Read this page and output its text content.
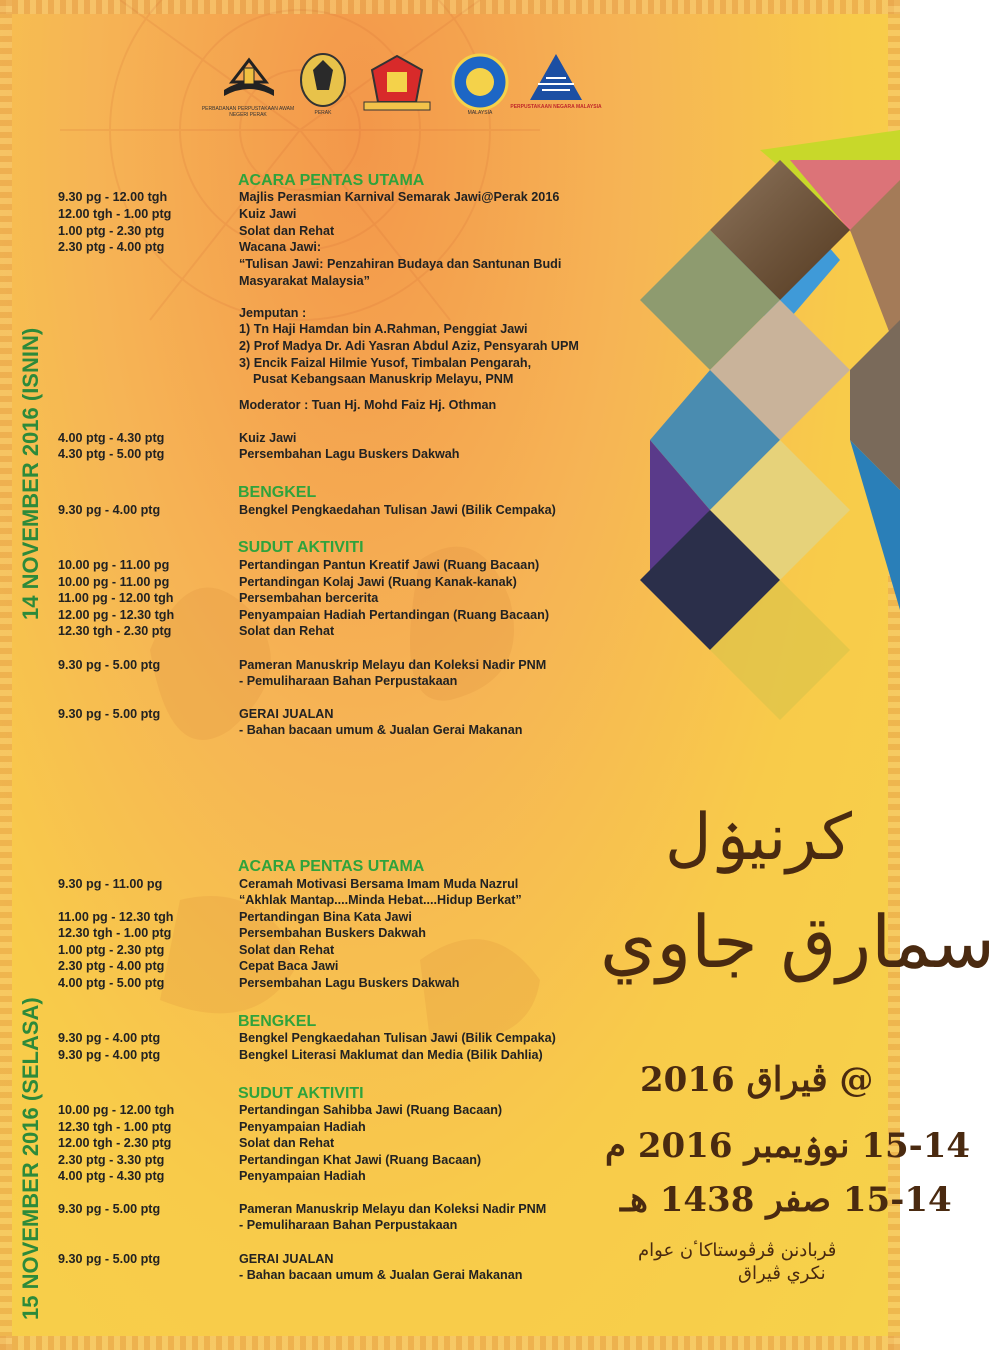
PERBADANAN PERPUSTAKAAN AWAM NEGERI PERAK	PERAK	MALAYSIA
PERPUSTAKAAN NEGARA MALAYSIA
14 NOVEMBER 2016 (ISNIN)
15 NOVEMBER 2016 (SELASA)
ACARA PENTAS UTAMA
9.30 pg - 12.00 tgh	Majlis Perasmian Karnival Semarak Jawi@Perak 2016
12.00 tgh - 1.00 ptg	Kuiz Jawi
1.00 ptg - 2.30 ptg	Solat dan Rehat
2.30 ptg - 4.00 ptg	Wacana Jawi:
“Tulisan Jawi: Penzahiran Budaya dan Santunan Budi
Masyarakat Malaysia”
Jemputan :
1) Tn Haji Hamdan bin A.Rahman, Penggiat Jawi
2) Prof Madya Dr. Adi Yasran Abdul Aziz, Pensyarah UPM
3) Encik Faizal Hilmie Yusof, Timbalan Pengarah,
Pusat Kebangsaan Manuskrip Melayu, PNM
Moderator : Tuan Hj. Mohd Faiz Hj. Othman
4.00 ptg - 4.30 ptg	Kuiz Jawi
4.30 ptg - 5.00 ptg	Persembahan Lagu Buskers Dakwah
BENGKEL
9.30 pg - 4.00 ptg	Bengkel Pengkaedahan Tulisan Jawi (Bilik Cempaka)
SUDUT AKTIVITI
10.00 pg - 11.00 pg	Pertandingan Pantun Kreatif Jawi (Ruang Bacaan)
10.00 pg - 11.00 pg	Pertandingan Kolaj Jawi (Ruang Kanak-kanak)
11.00 pg - 12.00 tgh	Persembahan bercerita
12.00 pg - 12.30 tgh	Penyampaian Hadiah Pertandingan (Ruang Bacaan)
12.30 tgh - 2.30 ptg	Solat dan Rehat
9.30 pg - 5.00 ptg	Pameran Manuskrip Melayu dan Koleksi Nadir PNM
- Pemuliharaan Bahan Perpustakaan
9.30 pg - 5.00 ptg	GERAI JUALAN
- Bahan bacaan umum & Jualan Gerai Makanan
ACARA PENTAS UTAMA
9.30 pg - 11.00 pg	Ceramah Motivasi Bersama Imam Muda Nazrul
“Akhlak Mantap....Minda Hebat....Hidup Berkat”
11.00 pg - 12.30 tgh	Pertandingan Bina Kata Jawi
12.30 tgh - 1.00 ptg	Persembahan Buskers Dakwah
1.00 ptg - 2.30 ptg	Solat dan Rehat
2.30 ptg - 4.00 ptg	Cepat Baca Jawi
4.00 ptg - 5.00 ptg	Persembahan Lagu Buskers Dakwah
BENGKEL
9.30 pg - 4.00 ptg	Bengkel Pengkaedahan Tulisan Jawi (Bilik Cempaka)
9.30 pg - 4.00 ptg	Bengkel Literasi Maklumat dan Media (Bilik Dahlia)
SUDUT AKTIVITI
10.00 pg - 12.00 tgh	Pertandingan Sahibba Jawi (Ruang Bacaan)
12.30 tgh - 1.00 ptg	Penyampaian Hadiah
12.00 tgh - 2.30 ptg	Solat dan Rehat
2.30 ptg - 3.30 ptg	Pertandingan Khat Jawi (Ruang Bacaan)
4.00 ptg - 4.30 ptg	Penyampaian Hadiah
9.30 pg - 5.00 ptg	Pameran Manuskrip Melayu dan Koleksi Nadir PNM
- Pemuliharaan Bahan Perpustakaan
9.30 pg - 5.00 ptg	GERAI JUALAN
- Bahan bacaan umum & Jualan Gerai Makanan
کرنيۏل
سمارق جاوي
@ ڤيراق 2016
15-14 نوۏيمبر 2016 م
15-14 صفر 1438 هـ
ڤربادنن ڤرڤوستاکاٴن عوام
نکري ڤيراق
